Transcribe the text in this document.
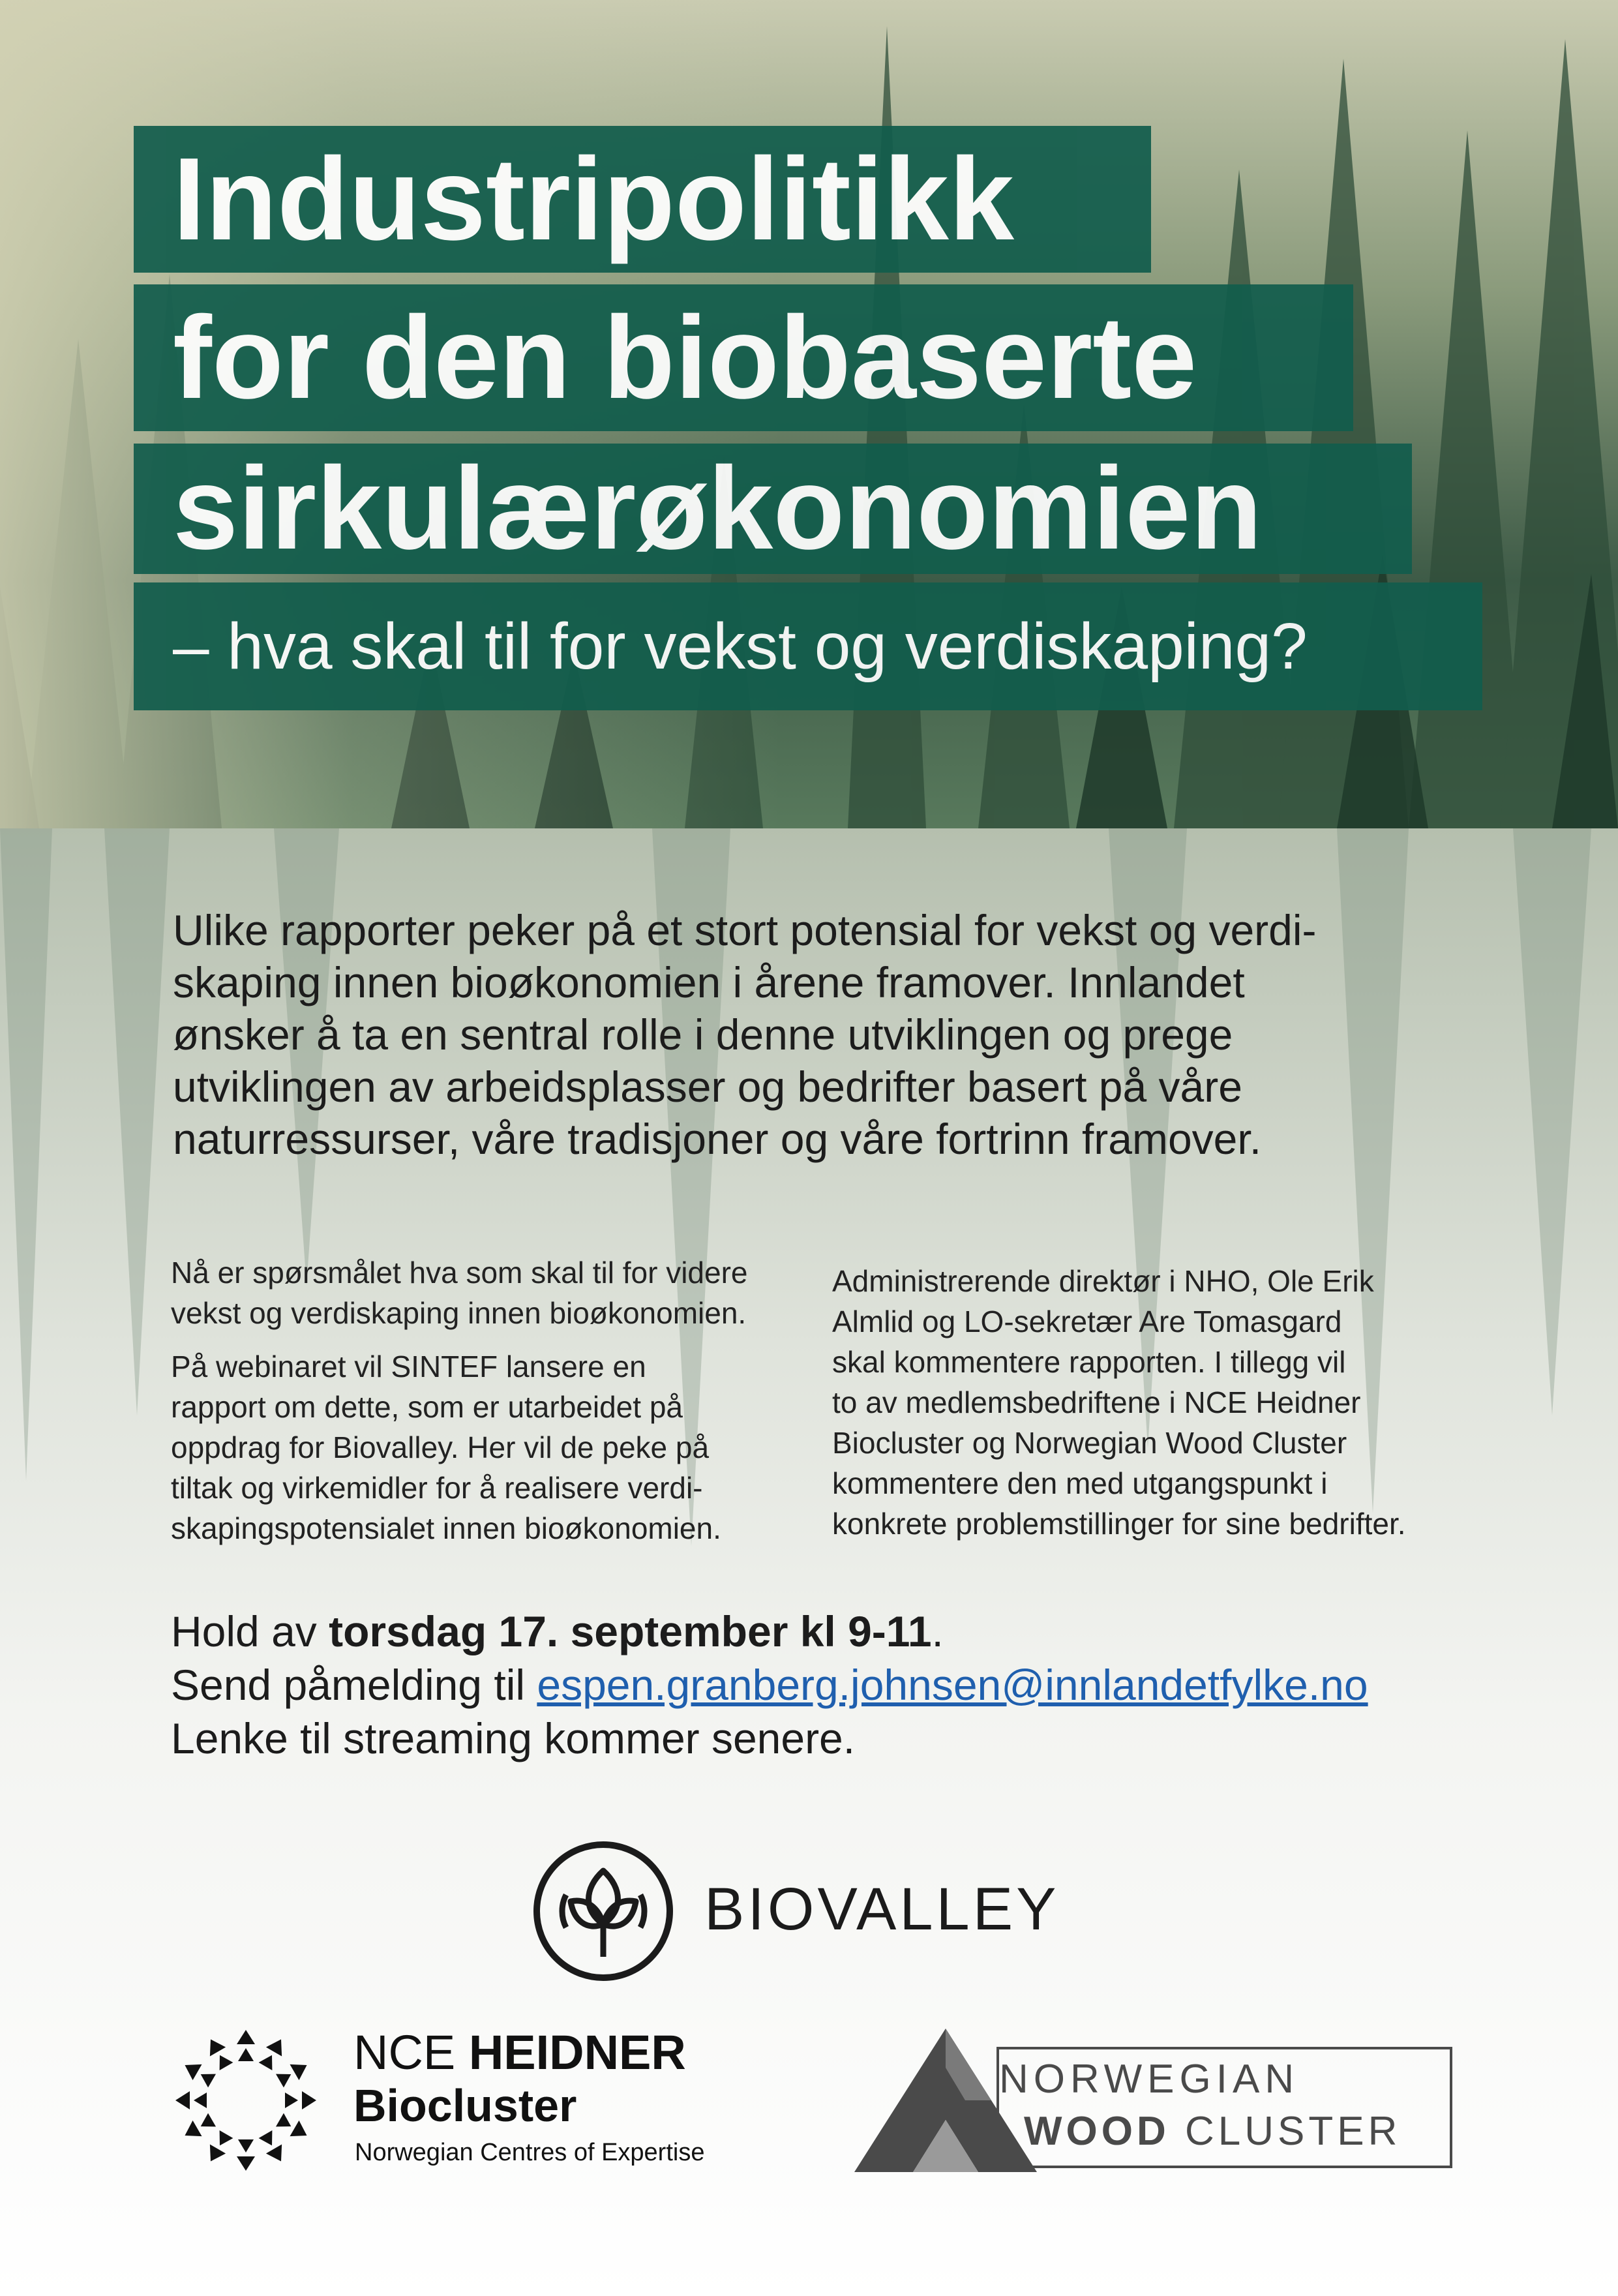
Industripolitikk
for den biobaserte
sirkulærøkonomien
– hva skal til for vekst og verdiskaping?

Ulike rapporter peker på et stort potensial for vekst og verdi-
skaping innen bioøkonomien i årene framover. Innlandet
ønsker å ta en sentral rolle i denne utviklingen og prege
utviklingen av arbeidsplasser og bedrifter basert på våre
naturressurser, våre tradisjoner og våre fortrinn framover.

Nå er spørsmålet hva som skal til for videre
vekst og verdiskaping innen bioøkonomien.

På webinaret vil SINTEF lansere en
rapport om dette, som er utarbeidet på
oppdrag for Biovalley. Her vil de peke på
tiltak og virkemidler for å realisere verdi-
skapingspotensialet innen bioøkonomien.

Administrerende direktør i NHO, Ole Erik
Almlid og LO-sekretær Are Tomasgard
skal kommentere rapporten. I tillegg vil
to av medlemsbedriftene i NCE Heidner
Biocluster og Norwegian Wood Cluster
kommentere den med utgangspunkt i
konkrete problemstillinger for sine bedrifter.
Hold av torsdag 17. september kl 9-11.
Send påmelding til espen.granberg.johnsen@innlandetfylke.no
Lenke til streaming kommer senere.
BIOVALLEY
NCE HEIDNER
Biocluster
Norwegian Centres of Expertise
NORWEGIAN
WOOD CLUSTER
